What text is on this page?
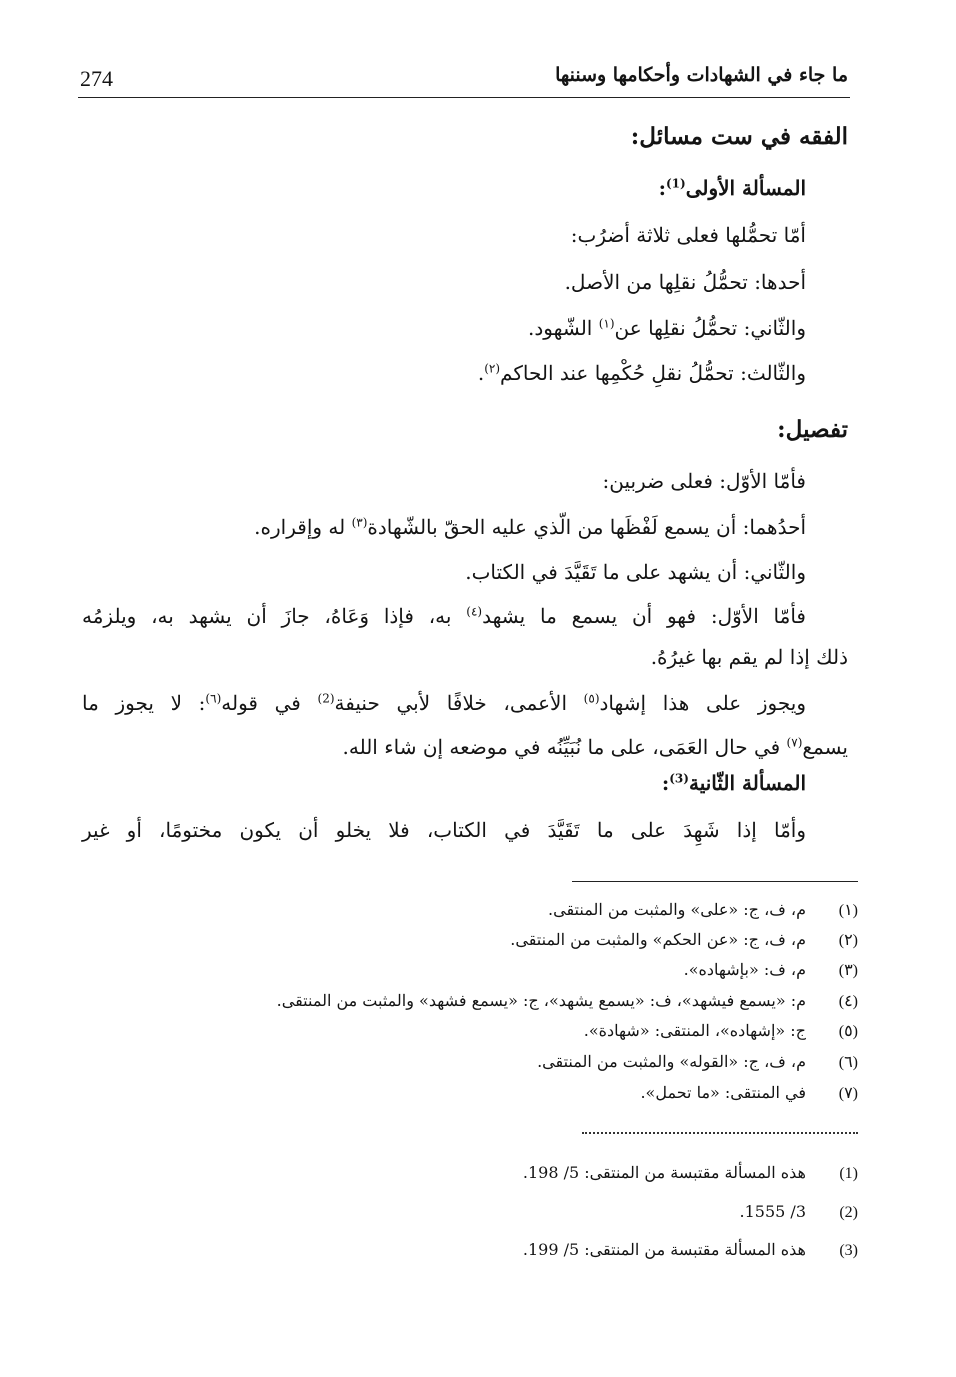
274	ما جاء في الشهادات وأحكامها وسننها
الفقه في ست مسائل:
المسألة الأولى$^{(1)}$:
أمّا تحمُّلها فعلى ثلاثة أضرُب:
أحدها: تحمُّلُ نقلِها من الأصل.
والثّاني: تحمُّلُ نقلِها عن$^{(١)}$ الشّهود.
والثّالث: تحمُّلُ نقلِ حُكْمِها عند الحاكم$^{(٢)}$.
تفصيل:
فأمّا الأوّل: فعلى ضربين:
أحدُهما: أن يسمع لَفْظَها من الّذي عليه الحقّ بالشّهادة$^{(٣)}$ له وإقراره.
والثّاني: أن يشهد على ما تَقَيَّدَ في الكتاب.
فأمّا الأوّل: فهو أن يسمع ما يشهد$^{(٤)}$ به، فإذا وَعَاهُ، جازَ أن يشهد به، ويلزمُه
ذلك إذا لم يقم بها غيرُهُ.
ويجوز على هذا إشهاد$^{(٥)}$ الأعمى، خلافًا لأبي حنيفة$^{(2)}$ في قوله$^{(٦)}$: لا يجوز ما
يسمع$^{(٧)}$ في حال العَمَى، على ما نُبَيِّنُه في موضعه إن شاء الله.
المسألة الثّانية$^{(3)}$:
وأمّا إذا شَهِدَ على ما تَقَيَّدَ في الكتاب، فلا يخلو أن يكون مختومًا، أو غير
(١)م، ف، ج: «على» والمثبت من المنتقى.
(٢)م، ف، ج: «عن الحكم» والمثبت من المنتقى.
(٣)م، ف: «بإشهاده».
(٤)م: «يسمع فيشهد»، ف: «يسمع يشهد»، ج: «يسمع فشهد» والمثبت من المنتقى.
(٥)ج: «إشهاده»، المنتقى: «شهادة».
(٦)م، ف، ج: «القوله» والمثبت من المنتقى.
(٧)في المنتقى: «ما تحمل».
(1)هذه المسألة مقتبسة من المنتقى: 5/ 198.
(2)3/ 1555.
(3)هذه المسألة مقتبسة من المنتقى: 5/ 199.
